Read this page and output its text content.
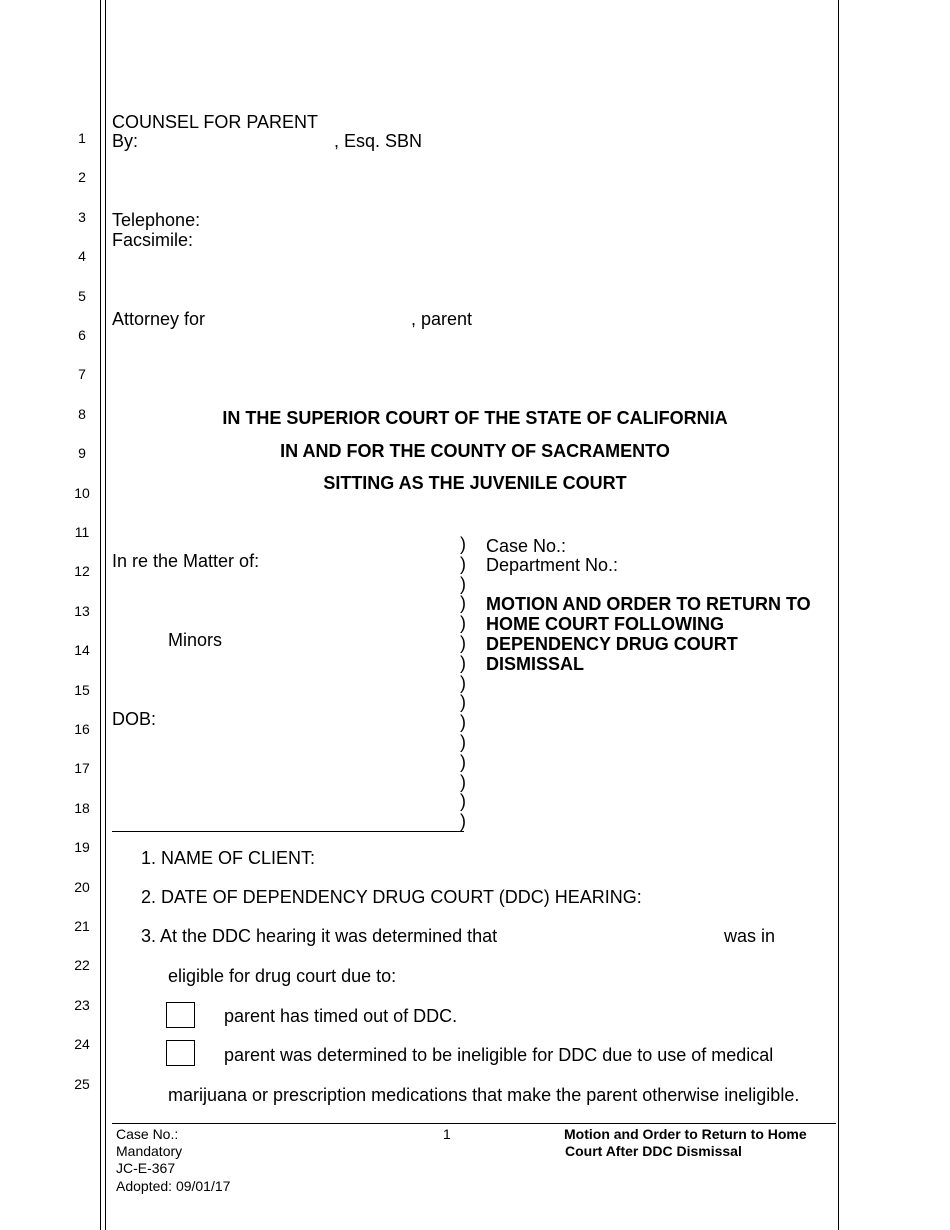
1
2
3
4
5
6
7
8
9
10
11
12
13
14
15
16
17
18
19
20
21
22
23
24
25
COUNSEL FOR PARENT
By:	, Esq. SBN
Telephone:
Facsimile:
Attorney for	, parent
IN THE SUPERIOR COURT OF THE STATE OF CALIFORNIA
IN AND FOR THE COUNTY OF SACRAMENTO
SITTING AS THE JUVENILE COURT
In re the Matter of:
Minors
DOB:
)
)
)
)
)
)
)
)
)
)
)
)
)
)
)
Case No.:
Department No.:
MOTION AND ORDER TO RETURN TO
HOME COURT FOLLOWING
DEPENDENCY DRUG COURT
DISMISSAL
1. NAME OF CLIENT:
2. DATE OF DEPENDENCY DRUG COURT (DDC) HEARING:
3. At the DDC hearing it was determined that	was in
eligible for drug court due to:
parent has timed out of DDC.
parent was determined to be ineligible for DDC due to use of medical
marijuana or prescription medications that make the parent otherwise ineligible.
Case No.:
Mandatory
JC-E-367
Adopted: 09/01/17
1	Motion and Order to Return to Home
Court After DDC Dismissal
